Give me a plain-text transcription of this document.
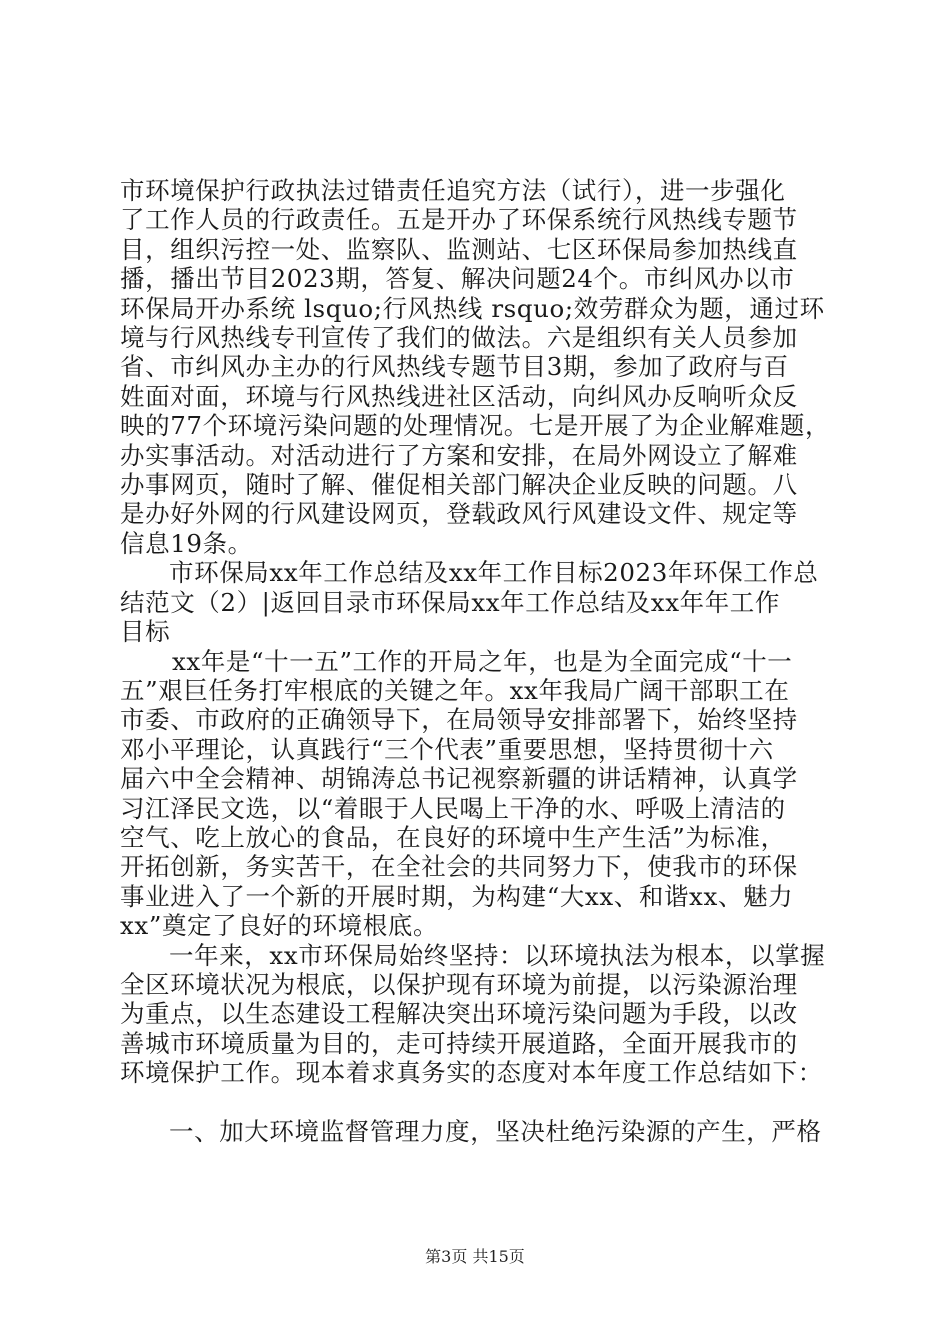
市环境保护行政执法过错责任追究方法（试行），进一步强化
了工作人员的行政责任。五是开办了环保系统行风热线专题节
目，组织污控一处、监察队、监测站、七区环保局参加热线直
播，播出节目2023期，答复、解决问题24个。市纠风办以市
环保局开办系统 lsquo;行风热线 rsquo;效劳群众为题，通过环
境与行风热线专刊宣传了我们的做法。六是组织有关人员参加
省、市纠风办主办的行风热线专题节目3期，参加了政府与百
姓面对面，环境与行风热线进社区活动，向纠风办反响听众反
映的77个环境污染问题的处理情况。七是开展了为企业解难题，
办实事活动。对活动进行了方案和安排，在局外网设立了解难
办事网页，随时了解、催促相关部门解决企业反映的问题。八
是办好外网的行风建设网页，登载政风行风建设文件、规定等
信息19条。
市环保局xx年工作总结及xx年工作目标2023年环保工作总
结范文（2）|返回目录市环保局xx年工作总结及xx年年工作
目标
xx年是“十一五”工作的开局之年，也是为全面完成“十一
五”艰巨任务打牢根底的关键之年。xx年我局广阔干部职工在
市委、市政府的正确领导下，在局领导安排部署下，始终坚持
邓小平理论，认真践行“三个代表”重要思想，坚持贯彻十六
届六中全会精神、胡锦涛总书记视察新疆的讲话精神，认真学
习江泽民文选，以“着眼于人民喝上干净的水、呼吸上清洁的
空气、吃上放心的食品，在良好的环境中生产生活”为标准，
开拓创新，务实苦干，在全社会的共同努力下，使我市的环保
事业进入了一个新的开展时期，为构建“大xx、和谐xx、魅力
xx”奠定了良好的环境根底。
一年来，xx市环保局始终坚持：以环境执法为根本，以掌握
全区环境状况为根底，以保护现有环境为前提，以污染源治理
为重点，以生态建设工程解决突出环境污染问题为手段，以改
善城市环境质量为目的，走可持续开展道路，全面开展我市的
环境保护工作。现本着求真务实的态度对本年度工作总结如下：
一、加大环境监督管理力度，坚决杜绝污染源的产生，严格
第3页 共15页
